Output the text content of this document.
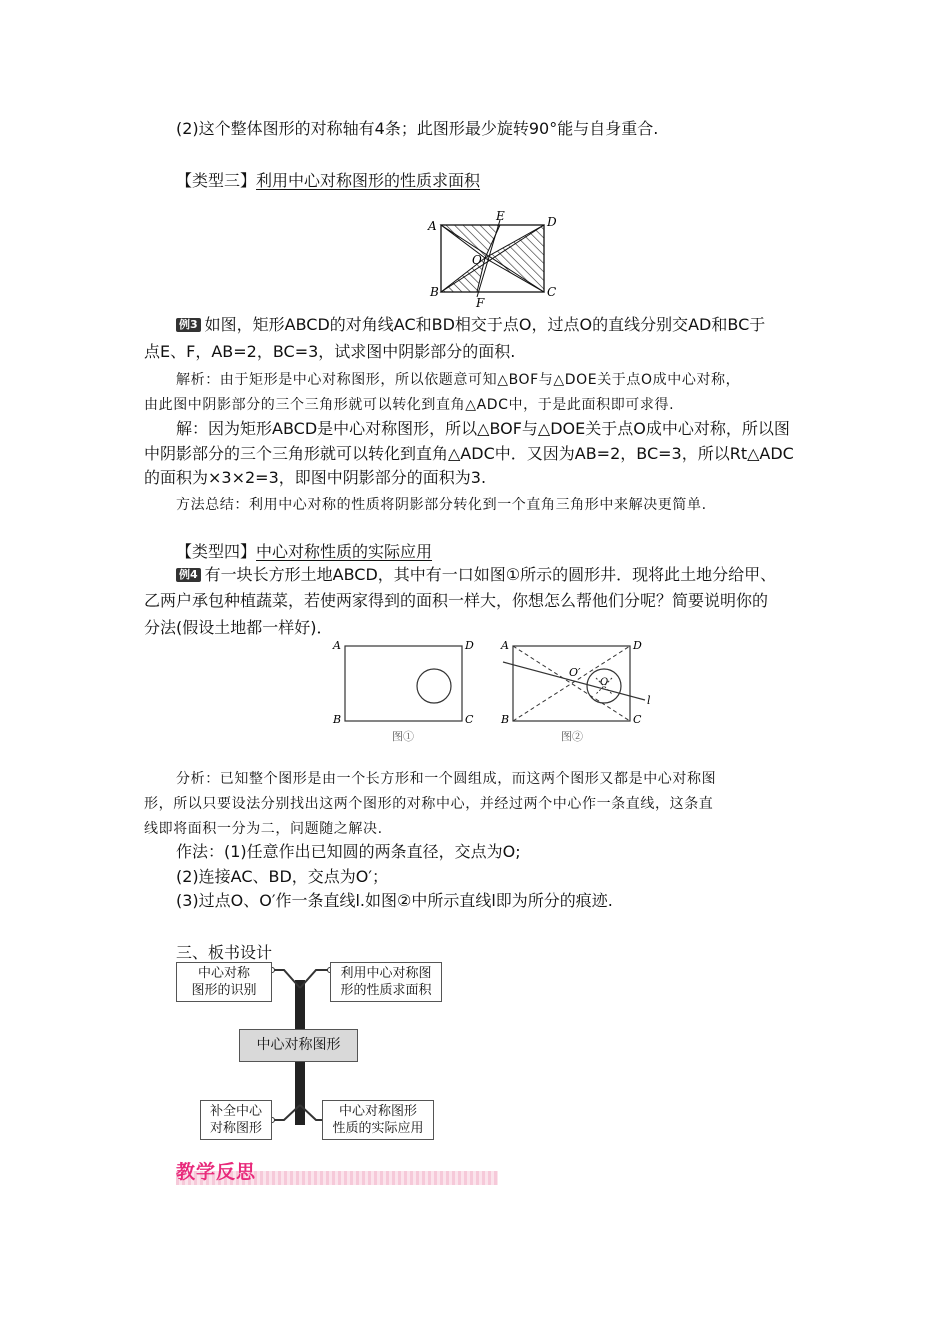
(2)这个整体图形的对称轴有4条；此图形最少旋转90°能与自身重合.
【类型三】利用中心对称图形的性质求面积
A
B	C
D
E
F
O
例3 如图，矩形ABCD的对角线AC和BD相交于点O，过点O的直线分别交AD和BC于
点E、F，AB=2，BC=3，试求图中阴影部分的面积.
解析：由于矩形是中心对称图形，所以依题意可知△BOF与△DOE关于点O成中心对称，
由此图中阴影部分的三个三角形就可以转化到直角△ADC中，于是此面积即可求得.
解：因为矩形ABCD是中心对称图形，所以△BOF与△DOE关于点O成中心对称，所以图
中阴影部分的三个三角形就可以转化到直角△ADC中．又因为AB=2，BC=3，所以Rt△ADC
的面积为×3×2=3，即图中阴影部分的面积为3.
方法总结：利用中心对称的性质将阴影部分转化到一个直角三角形中来解决更简单.
【类型四】中心对称性质的实际应用
例4 有一块长方形土地ABCD，其中有一口如图①所示的圆形井．现将此土地分给甲、
乙两户承包种植蔬菜，若使两家得到的面积一样大，你想怎么帮他们分呢？简要说明你的
分法(假设土地都一样好)．
A
B	C
D
图①
A
B	C
D
O′
O
l
图②
分析：已知整个图形是由一个长方形和一个圆组成，而这两个图形又都是中心对称图
形，所以只要设法分别找出这两个图形的对称中心，并经过两个中心作一条直线，这条直
线即将面积一分为二，问题随之解决.
作法：(1)任意作出已知圆的两条直径，交点为O;
(2)连接AC、BD，交点为O′；
(3)过点O、O′作一条直线l.如图②中所示直线l即为所分的痕迹.
三、板书设计
中心对称
图形的识别
利用中心对称图
形的性质求面积
中心对称图形
补全中心
对称图形
中心对称图形
性质的实际应用
教学反思
